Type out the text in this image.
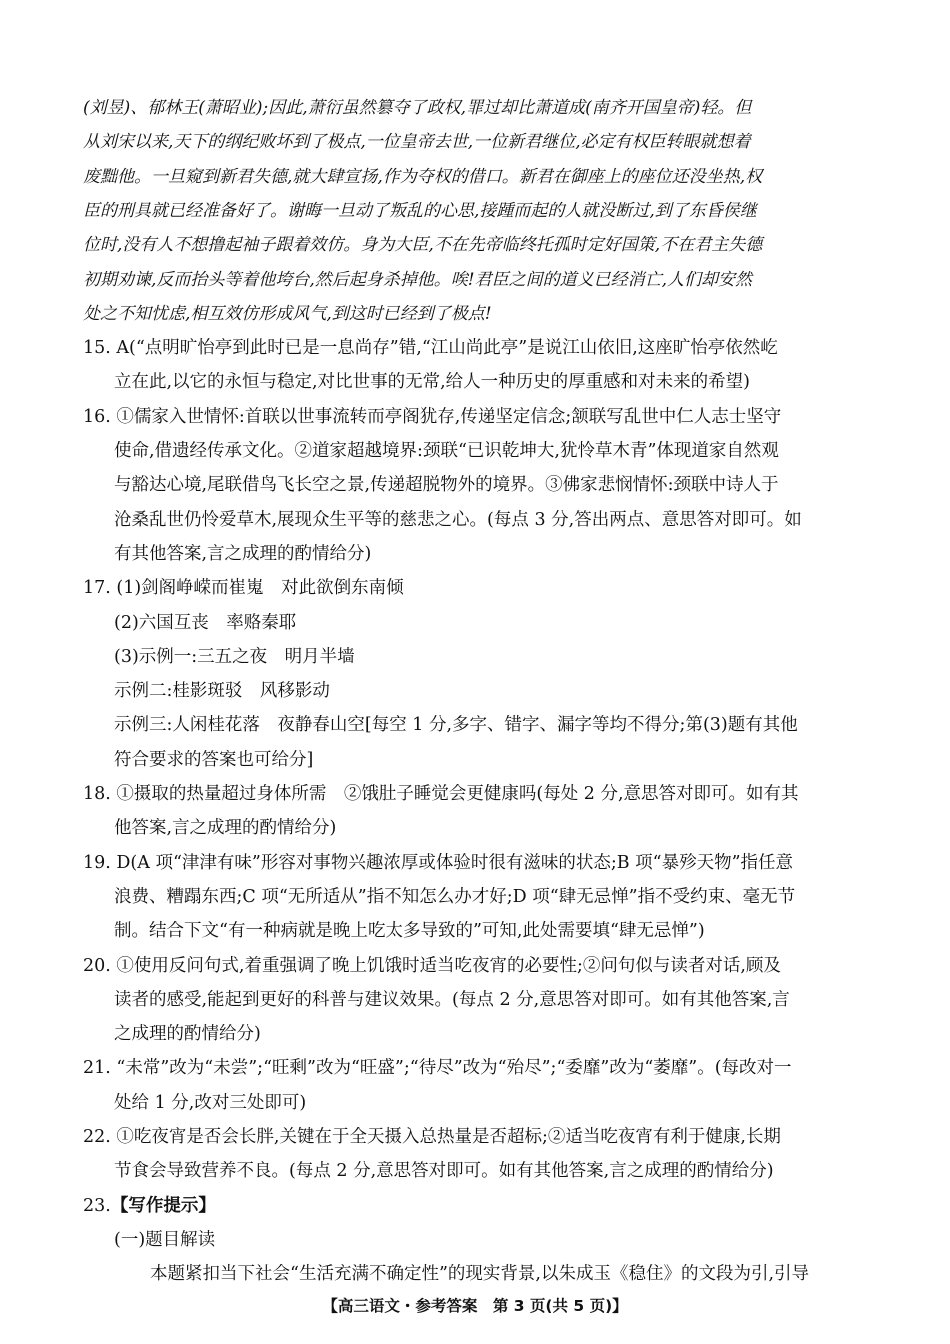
(刘昱)、郁林王(萧昭业);因此,萧衍虽然篡夺了政权,罪过却比萧道成(南齐开国皇帝)轻。但
从刘宋以来,天下的纲纪败坏到了极点,一位皇帝去世,一位新君继位,必定有权臣转眼就想着
废黜他。一旦窥到新君失德,就大肆宣扬,作为夺权的借口。新君在御座上的座位还没坐热,权
臣的刑具就已经准备好了。谢晦一旦动了叛乱的心思,接踵而起的人就没断过,到了东昏侯继
位时,没有人不想撸起袖子跟着效仿。身为大臣,不在先帝临终托孤时定好国策,不在君主失德
初期劝谏,反而抬头等着他垮台,然后起身杀掉他。唉!君臣之间的道义已经消亡,人们却安然
处之不知忧虑,相互效仿形成风气,到这时已经到了极点!
15. A(“点明旷怡亭到此时已是一息尚存”错,“江山尚此亭”是说江山依旧,这座旷怡亭依然屹
立在此,以它的永恒与稳定,对比世事的无常,给人一种历史的厚重感和对未来的希望)
16. ①儒家入世情怀:首联以世事流转而亭阁犹存,传递坚定信念;颔联写乱世中仁人志士坚守
使命,借遗经传承文化。②道家超越境界:颈联“已识乾坤大,犹怜草木青”体现道家自然观
与豁达心境,尾联借鸟飞长空之景,传递超脱物外的境界。③佛家悲悯情怀:颈联中诗人于
沧桑乱世仍怜爱草木,展现众生平等的慈悲之心。(每点 3 分,答出两点、意思答对即可。如
有其他答案,言之成理的酌情给分)
17. (1)剑阁峥嵘而崔嵬　对此欲倒东南倾
(2)六国互丧　率赂秦耶
(3)示例一:三五之夜　明月半墙
示例二:桂影斑驳　风移影动
示例三:人闲桂花落　夜静春山空[每空 1 分,多字、错字、漏字等均不得分;第(3)题有其他
符合要求的答案也可给分]
18. ①摄取的热量超过身体所需　②饿肚子睡觉会更健康吗(每处 2 分,意思答对即可。如有其
他答案,言之成理的酌情给分)
19. D(A 项“津津有味”形容对事物兴趣浓厚或体验时很有滋味的状态;B 项“暴殄天物”指任意
浪费、糟蹋东西;C 项“无所适从”指不知怎么办才好;D 项“肆无忌惮”指不受约束、毫无节
制。结合下文“有一种病就是晚上吃太多导致的”可知,此处需要填“肆无忌惮”)
20. ①使用反问句式,着重强调了晚上饥饿时适当吃夜宵的必要性;②问句似与读者对话,顾及
读者的感受,能起到更好的科普与建议效果。(每点 2 分,意思答对即可。如有其他答案,言
之成理的酌情给分)
21. “未常”改为“未尝”;“旺剩”改为“旺盛”;“待尽”改为“殆尽”;“委靡”改为“萎靡”。(每改对一
处给 1 分,改对三处即可)
22. ①吃夜宵是否会长胖,关键在于全天摄入总热量是否超标;②适当吃夜宵有利于健康,长期
节食会导致营养不良。(每点 2 分,意思答对即可。如有其他答案,言之成理的酌情给分)
23.【写作提示】
【高三语文・参考答案　第 3 页(共 5 页)】
(一)题目解读
本题紧扣当下社会“生活充满不确定性”的现实背景,以朱成玉《稳住》的文段为引,引导
